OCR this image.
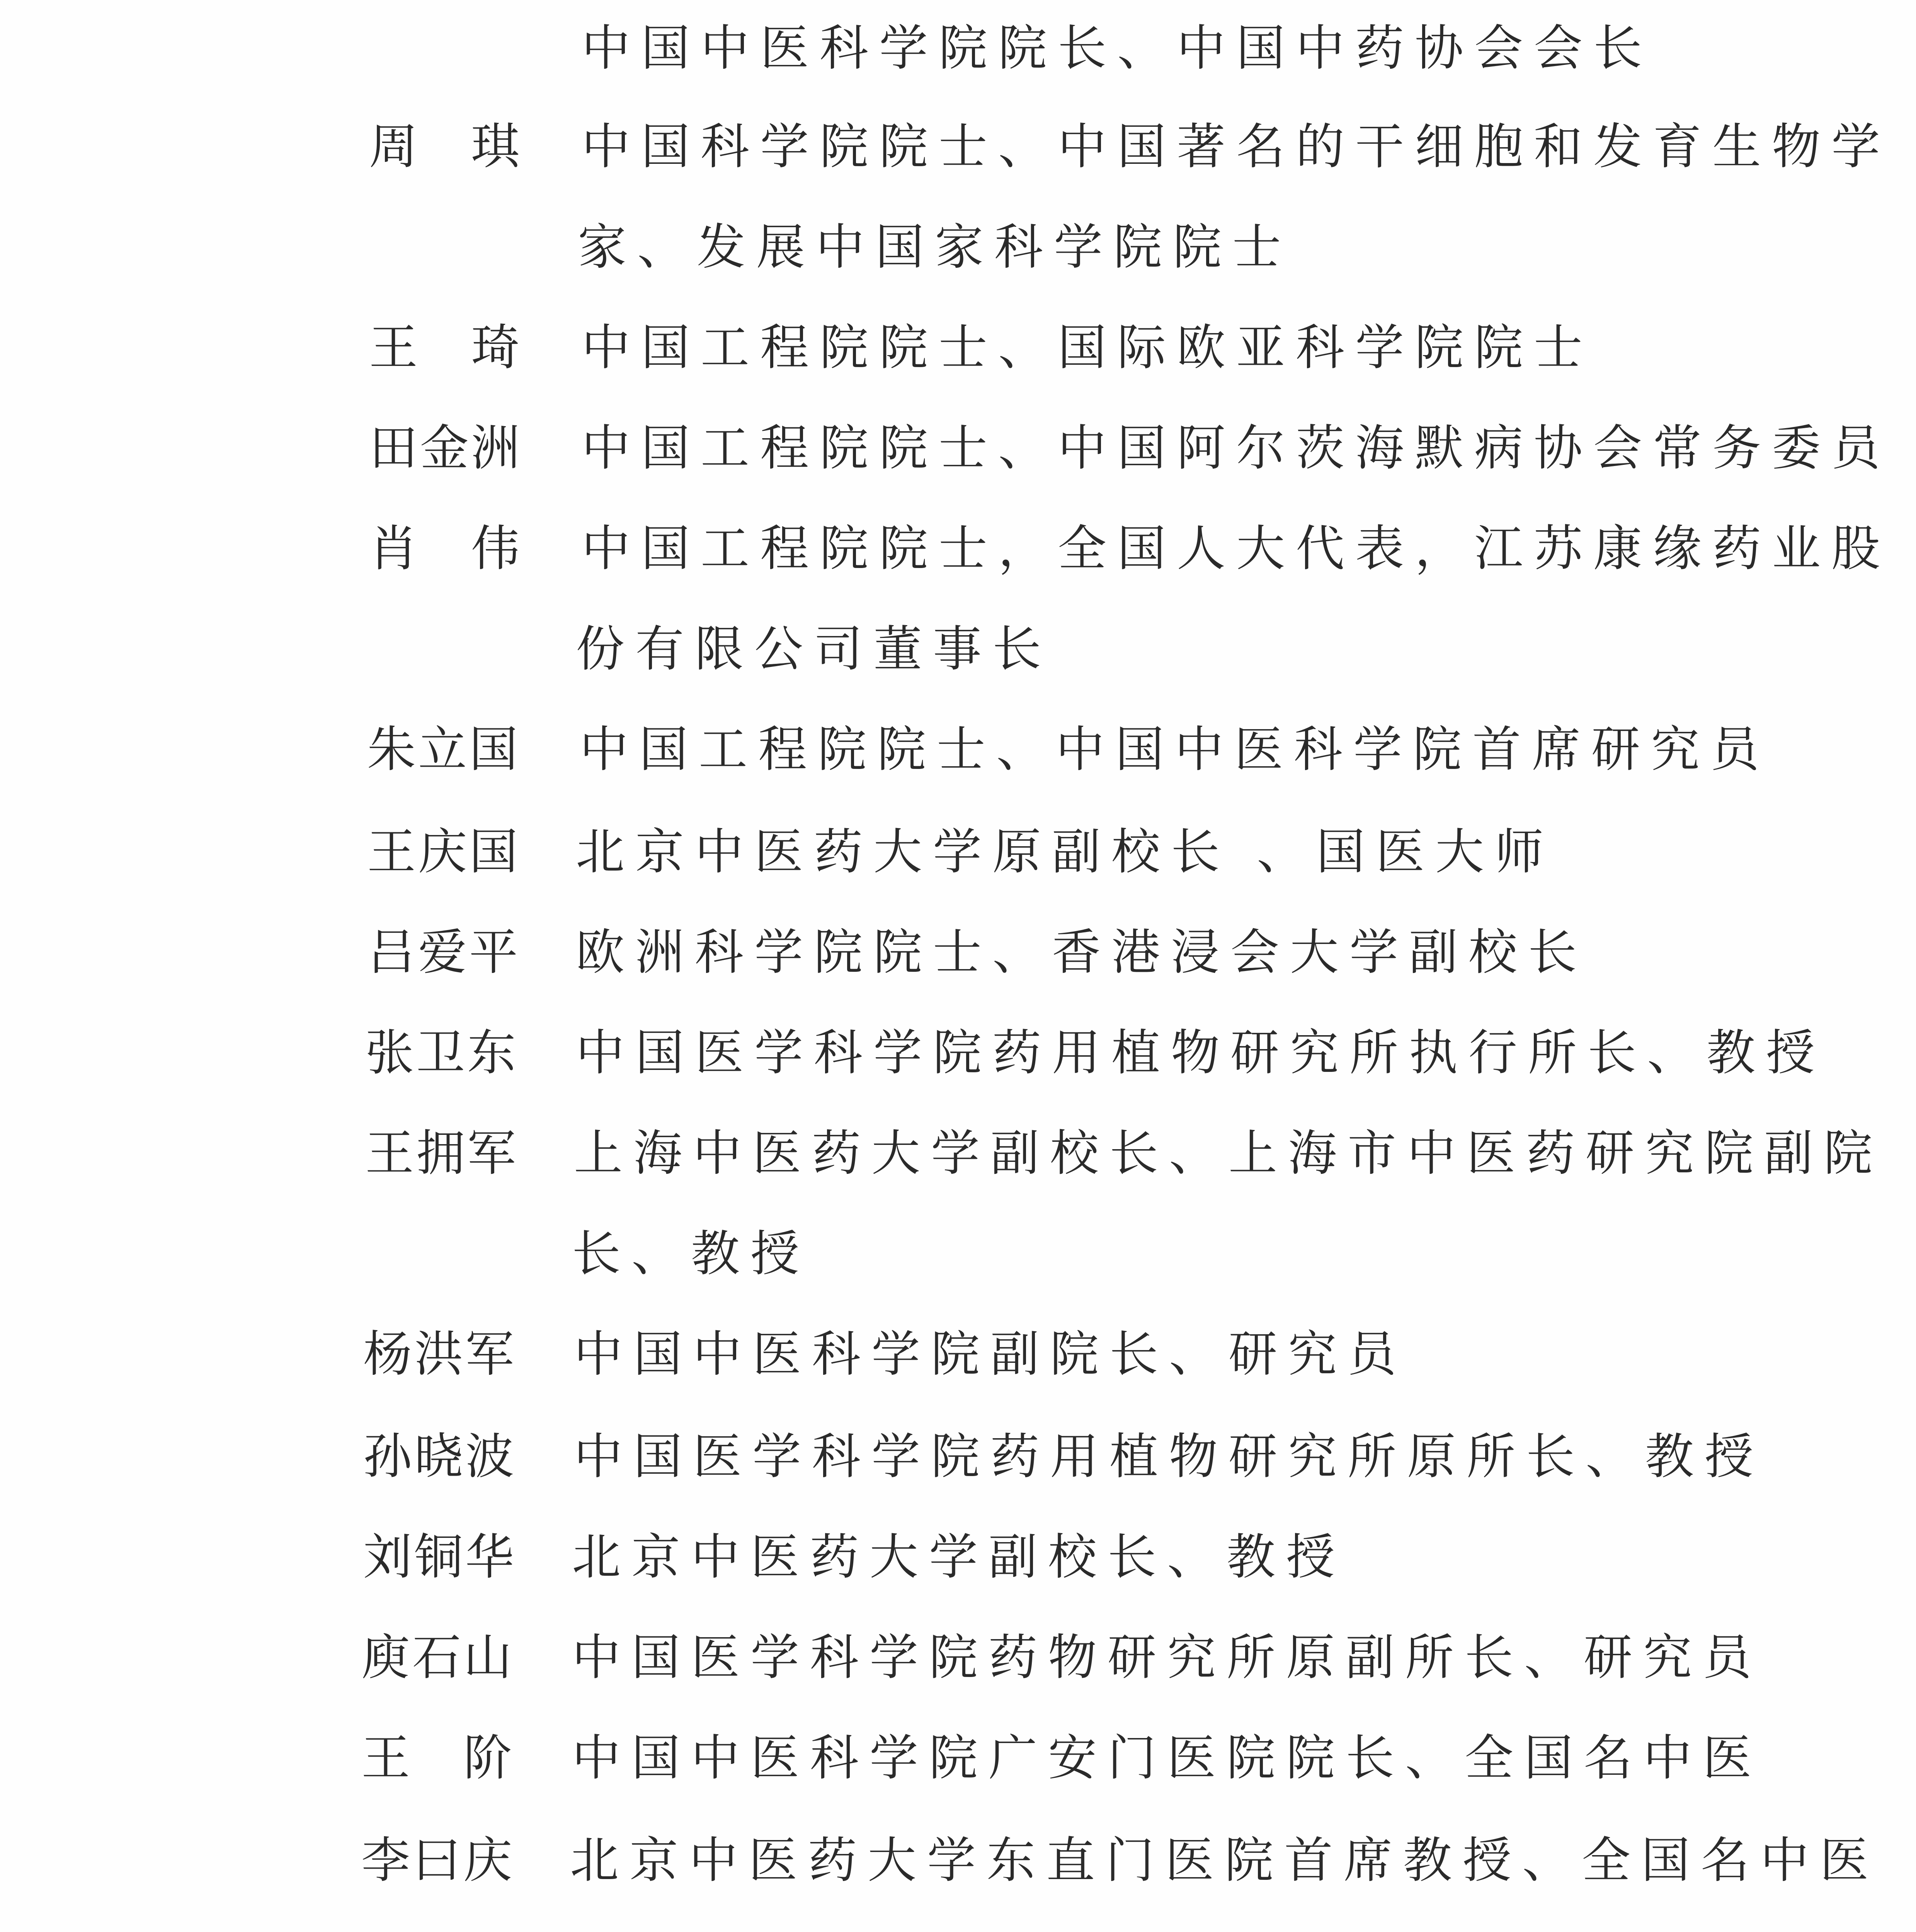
中国中医科学院院长、中国中药协会会长
周　琪 中国科学院院士、中国著名的干细胞和发育生物学
家、发展中国家科学院院士
王　琦 中国工程院院士、国际欧亚科学院院士
田金洲 中国工程院院士、中国阿尔茨海默病协会常务委员
肖　伟 中国工程院院士，全国人大代表，江苏康缘药业股
份有限公司董事长
朱立国 中国工程院院士、中国中医科学院首席研究员
王庆国 北京中医药大学原副校长 、国医大师
吕爱平 欧洲科学院院士、香港浸会大学副校长
张卫东 中国医学科学院药用植物研究所执行所长、教授
王拥军 上海中医药大学副校长、上海市中医药研究院副院
长、教授
杨洪军 中国中医科学院副院长、研究员
孙晓波 中国医学科学院药用植物研究所原所长、教授
刘铜华 北京中医药大学副校长、教授
庾石山 中国医学科学院药物研究所原副所长、研究员
王　阶 中国中医科学院广安门医院院长、全国名中医
李曰庆 北京中医药大学东直门医院首席教授、全国名中医
